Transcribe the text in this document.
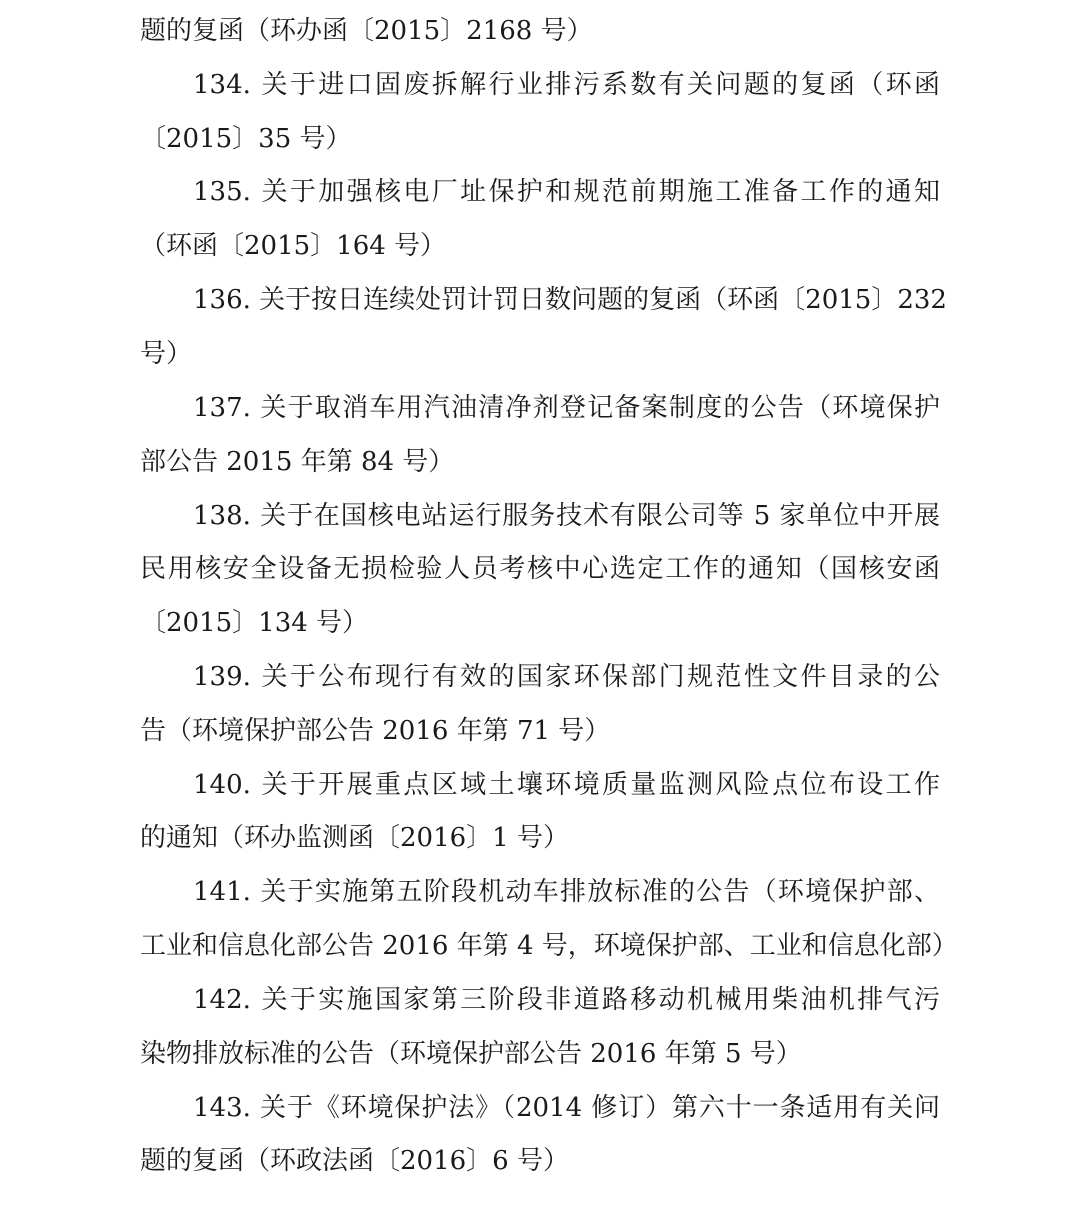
题的复函（环办函〔2015〕2168 号）
134. 关于进口固废拆解行业排污系数有关问题的复函（环函
〔2015〕35 号）
135. 关于加强核电厂址保护和规范前期施工准备工作的通知
（环函〔2015〕164 号）
136. 关于按日连续处罚计罚日数问题的复函（环函〔2015〕232
号）
137. 关于取消车用汽油清净剂登记备案制度的公告（环境保护
部公告 2015 年第 84 号）
138. 关于在国核电站运行服务技术有限公司等 5 家单位中开展
民用核安全设备无损检验人员考核中心选定工作的通知（国核安函
〔2015〕134 号）
139. 关于公布现行有效的国家环保部门规范性文件目录的公
告（环境保护部公告 2016 年第 71 号）
140. 关于开展重点区域土壤环境质量监测风险点位布设工作
的通知（环办监测函〔2016〕1 号）
141. 关于实施第五阶段机动车排放标准的公告（环境保护部、
工业和信息化部公告 2016 年第 4 号，环境保护部、工业和信息化部）
142. 关于实施国家第三阶段非道路移动机械用柴油机排气污
染物排放标准的公告（环境保护部公告 2016 年第 5 号）
143. 关于《环境保护法》（2014 修订）第六十一条适用有关问
题的复函（环政法函〔2016〕6 号）
